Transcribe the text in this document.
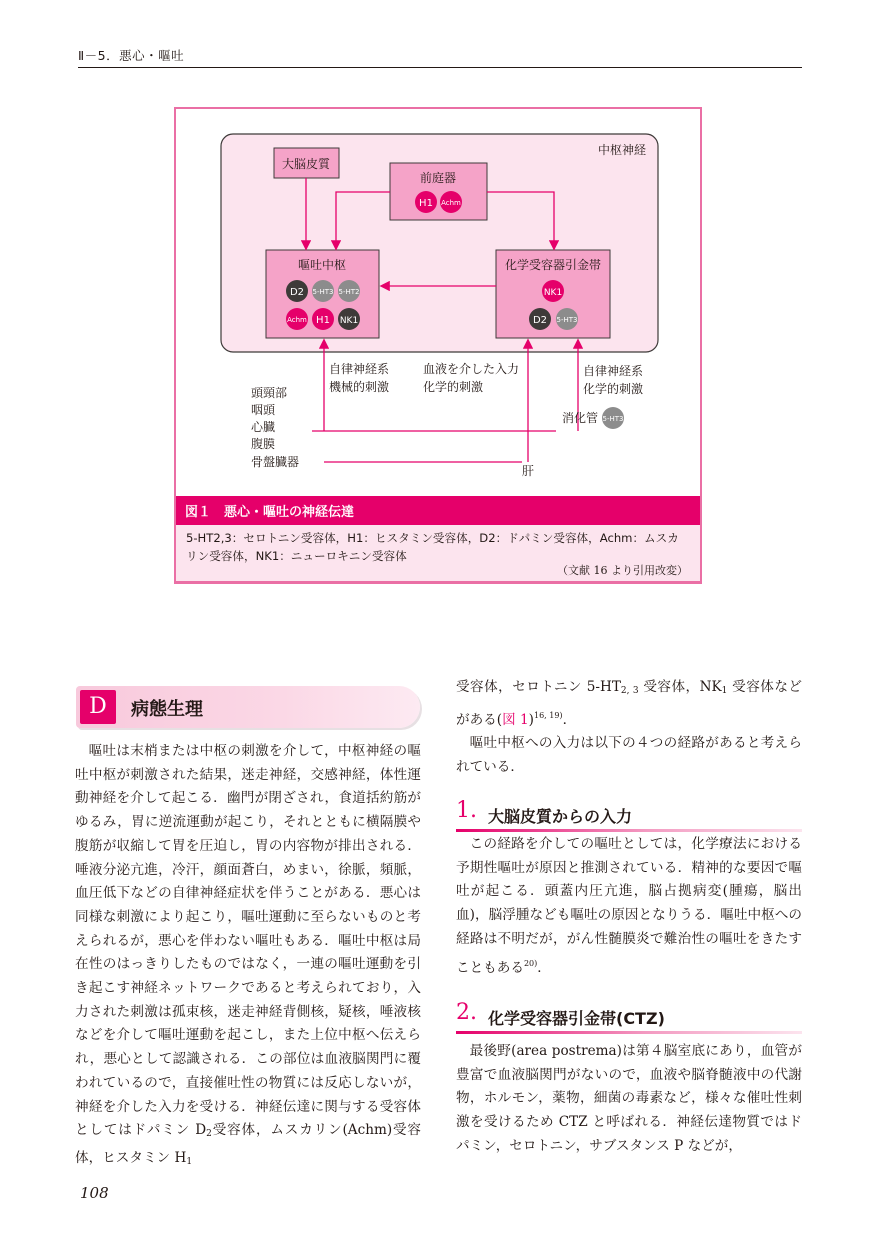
Ⅱ－5．悪心・嘔吐
中枢神経
大脳皮質
前庭器
H1 Achm
嘔吐中枢
D2 5-HT3 5-HT2
Achm H1 NK1
化学受容器引金帯
NK1
D2 5-HT3
自律神経系
機械的刺激
血液を介した入力
化学的刺激
自律神経系
化学的刺激
頭頸部
咽頭
心臓
腹膜
骨盤臓器
消化管 5-HT3
肝
図１　悪心・嘔吐の神経伝達
5-HT2,3：セロトニン受容体，H1：ヒスタミン受容体，D2：ドパミン受容体，Achm：ムスカ
リン受容体，NK1：ニューロキニン受容体
（文献 16 より引用改変）
D	病態生理

嘔吐は末梢または中枢の刺激を介して，中枢神経の嘔吐中枢が刺激された結果，迷走神経，交感神経，体性運動神経を介して起こる．幽門が閉ざされ，食道括約筋がゆるみ，胃に逆流運動が起こり，それとともに横隔膜や腹筋が収縮して胃を圧迫し，胃の内容物が排出される．唾液分泌亢進，冷汗，顔面蒼白，めまい，徐脈，頻脈，血圧低下などの自律神経症状を伴うことがある．悪心は同様な刺激により起こり，嘔吐運動に至らないものと考えられるが，悪心を伴わない嘔吐もある．嘔吐中枢は局在性のはっきりしたものではなく，一連の嘔吐運動を引き起こす神経ネットワークであると考えられており，入力された刺激は孤束核，迷走神経背側核，疑核，唾液核などを介して嘔吐運動を起こし，また上位中枢へ伝えられ，悪心として認識される．この部位は血液脳関門に覆われているので，直接催吐性の物質には反応しないが，神経を介した入力を受ける．神経伝達に関与する受容体としてはドパミン $D_2$受容体，ムスカリン(Achm)受容体，ヒスタミン $H_1$

受容体，セロトニン $5-HT_{2, 3}$ 受容体，$NK_1$ 受容体などがある(図 1)$^{16, 19)}$．

嘔吐中枢への入力は以下の４つの経路があると考えられている．

1. 大脳皮質からの入力

この経路を介しての嘔吐としては，化学療法における予期性嘔吐が原因と推測されている．精神的な要因で嘔吐が起こる．頭蓋内圧亢進，脳占拠病変(腫瘍，脳出血)，脳浮腫なども嘔吐の原因となりうる．嘔吐中枢への経路は不明だが，がん性髄膜炎で難治性の嘔吐をきたすこともある$^{20)}$．

2. 化学受容器引金帯(CTZ)

最後野(area postrema)は第４脳室底にあり，血管が豊富で血液脳関門がないので，血液や脳脊髄液中の代謝物，ホルモン，薬物，細菌の毒素など，様々な催吐性刺激を受けるため CTZ と呼ばれる．神経伝達物質ではドパミン，セロトニン，サブスタンス P などが，

108
